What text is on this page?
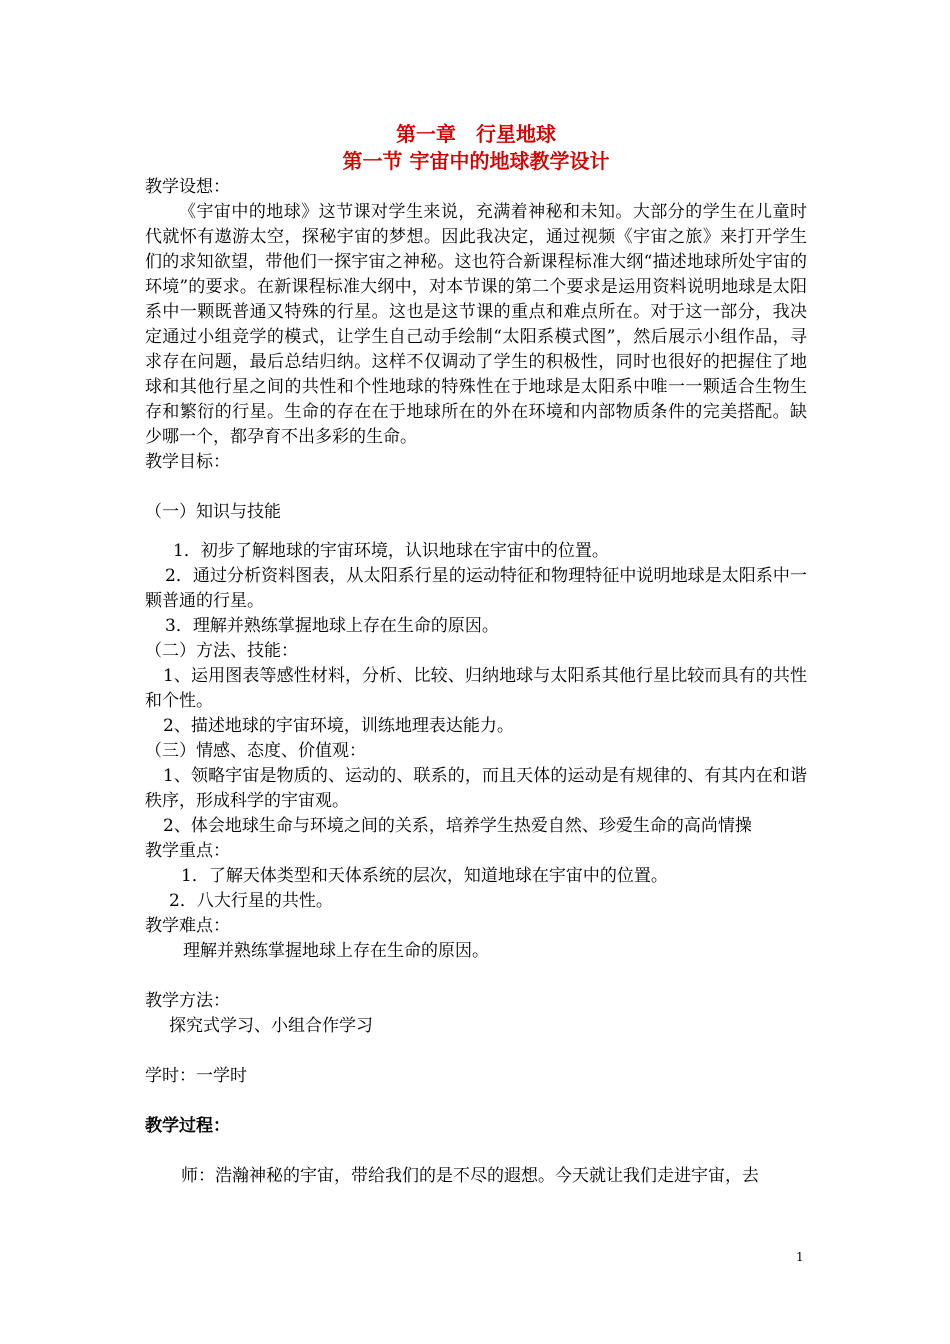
第一章　行星地球
第一节 宇宙中的地球教学设计

教学设想：

《宇宙中的地球》这节课对学生来说，充满着神秘和未知。大部分的学生在儿童时代就怀有遨游太空，探秘宇宙的梦想。因此我决定，通过视频《宇宙之旅》来打开学生们的求知欲望，带他们一探宇宙之神秘。这也符合新课程标准大纲“描述地球所处宇宙的环境”的要求。在新课程标准大纲中，对本节课的第二个要求是运用资料说明地球是太阳系中一颗既普通又特殊的行星。这也是这节课的重点和难点所在。对于这一部分，我决定通过小组竞学的模式，让学生自己动手绘制“太阳系模式图”，然后展示小组作品，寻求存在问题，最后总结归纳。这样不仅调动了学生的积极性，同时也很好的把握住了地球和其他行星之间的共性和个性地球的特殊性在于地球是太阳系中唯一一颗适合生物生存和繁衍的行星。生命的存在在于地球所在的外在环境和内部物质条件的完美搭配。缺少哪一个，都孕育不出多彩的生命。

教学目标：

（一）知识与技能

1．初步了解地球的宇宙环境，认识地球在宇宙中的位置。

2．通过分析资料图表，从太阳系行星的运动特征和物理特征中说明地球是太阳系中一颗普通的行星。

3．理解并熟练掌握地球上存在生命的原因。

（二）方法、技能：

1、运用图表等感性材料，分析、比较、归纳地球与太阳系其他行星比较而具有的共性和个性。

2、描述地球的宇宙环境，训练地理表达能力。

（三）情感、态度、价值观：

1、领略宇宙是物质的、运动的、联系的，而且天体的运动是有规律的、有其内在和谐秩序，形成科学的宇宙观。

2、体会地球生命与环境之间的关系，培养学生热爱自然、珍爱生命的高尚情操

教学重点：

1．了解天体类型和天体系统的层次，知道地球在宇宙中的位置。

2．八大行星的共性。

教学难点：

理解并熟练掌握地球上存在生命的原因。

教学方法：

探究式学习、小组合作学习

学时：一学时

教学过程：

师：浩瀚神秘的宇宙，带给我们的是不尽的遐想。今天就让我们走进宇宙，去

1
